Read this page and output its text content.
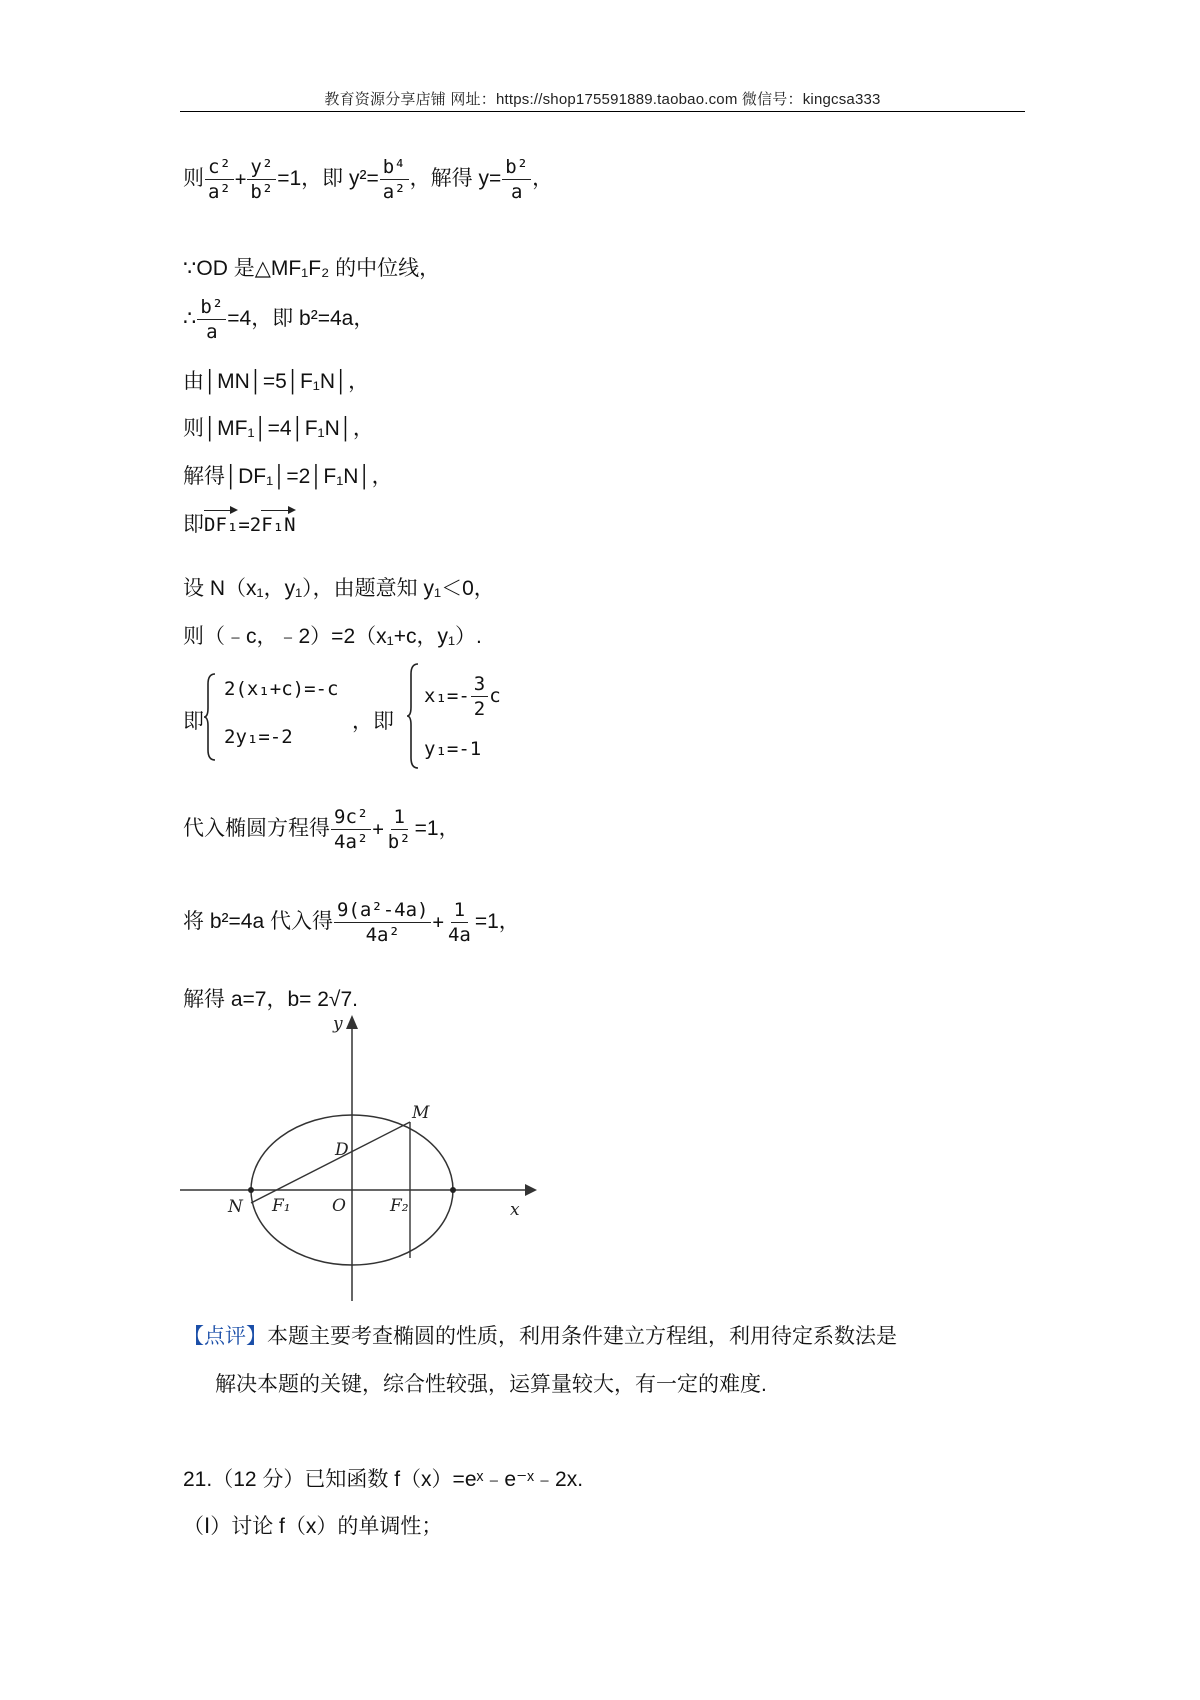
教育资源分享店铺 网址：https://shop175591889.taobao.com 微信号：kingcsa333
则 $\frac{\text{c²}}{\text{a²}} + \frac{\text{y²}}{\text{b²}} =1$，即 $y^2= \frac{\text{b⁴}}{\text{a²}}$ ，解得 $y= \frac{\text{b²}}{a}$ ，
∵OD 是△MF₁F₂ 的中位线，
∴ $\frac{\text{b²}}{a} =4$，即 b²=4a，
由│MN│=5│F₁N│，
则│MF₁│=4│F₁N│，
解得│DF₁│=2│F₁N│，
即DF₁=2F₁N
设 N（x₁，y₁），由题意知 y₁＜0，
则（﹣c，﹣2）=2（x₁+c，y₁）.
即
2(x₁+c)=-c
2y₁=-2
，即
$x_1=- \frac{3}{2}$ c
y₁=-1
代入椭圆方程得 $\frac{\text{9c²}}{\text{4a²}} + \frac{1}{\text{b²}} =1$，
将 b²=4a 代入得 $\frac{\text{9(a²-4a)}}{\text{4a²}} + \frac{1}{4a} =1$，
解得 a=7，b= 2√7.
y
x
M
D
N F₁ O	F₂
【点评】本题主要考查椭圆的性质，利用条件建立方程组，利用待定系数法是
解决本题的关键，综合性较强，运算量较大，有一定的难度.
21.（12 分）已知函数 f（x）=eˣ﹣e⁻ˣ﹣2x.
（Ⅰ）讨论 f（x）的单调性；
